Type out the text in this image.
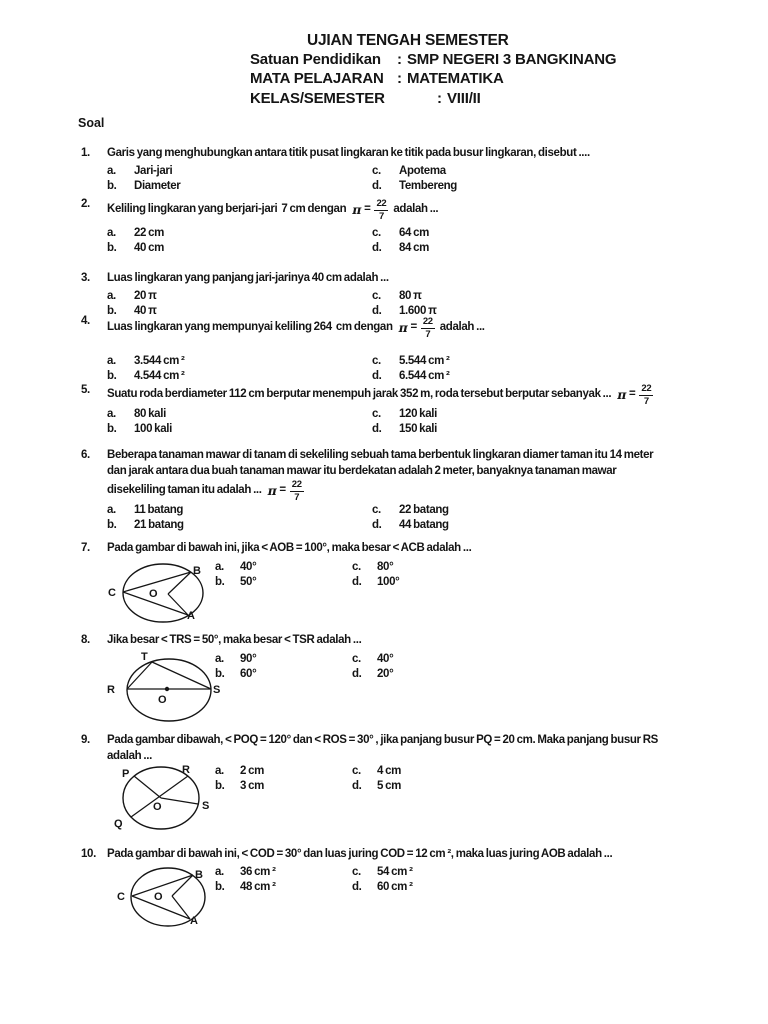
UJIAN TENGAH SEMESTER
Satuan Pendidikan	: SMP NEGERI 3 BANGKINANG
MATA PELAJARAN : MATEMATIKA
KELAS/SEMESTER	: VIII/II
Soal
1.	Garis yang menghubungkan antara titik pusat lingkaran ke titik pada busur lingkaran, disebut ....

a.	Jari-jari	c.	Apotema
b.	Diameter	d.	Tembereng
2.	Keliling lingkaran yang berjari-jari  7 cm dengan $\pi = \frac{22}{7}$ adalah ...

a.	22 cm	c.	64 cm
b.	40 cm	d.	84 cm
3.	Luas lingkaran yang panjang jari-jarinya 40 cm adalah ...

a.	20 π	c.	80 π
b.	40 π	d.	1.600 π
4.

Luas lingkaran yang mempunyai keliling 264  cm dengan $\pi = \frac{22}{7}$ adalah ...

a.	3.544 cm ²	c.	5.544 cm ²
b.	4.544 cm ²	d.	6.544 cm ²
5.	Suatu roda berdiameter 112 cm berputar menempuh jarak 352 m, roda tersebut berputar sebanyak ... $\pi = \frac{22}{7}$

a.	80 kali	c.	120 kali
b.	100 kali	d.	150 kali
6.	Beberapa tanaman mawar di tanam di sekeliling sebuah tama berbentuk lingkaran diamer taman itu 14 meter

dan jarak antara dua buah tanaman mawar itu berdekatan adalah 2 meter, banyaknya tanaman mawar

disekeliling taman itu adalah ... $\pi = \frac{22}{7}$

a.	11 batang	c.	22 batang
b.	21 batang	d.	44 batang
7.	Pada gambar di bawah ini, jika < AOB = 100°, maka besar < ACB adalah ...

a.	40°	c.	80°
b.	50°	d.	100°
B
C	O
A
8.	Jika besar < TRS = 50°, maka besar < TSR adalah ...

a.	90°	c.	40°
b.	60°	d.	20°
T
R	S
O
9.	Pada gambar dibawah, < POQ = 120° dan < ROS = 30° , jika panjang busur PQ = 20 cm. Maka panjang busur RS

adalah ...

a.	2 cm	c.	4 cm
b.	3 cm	d.	5 cm
P	R
O	S
Q
10. Pada gambar di bawah ini, < COD = 30° dan luas juring COD = 12 cm ², maka luas juring AOB adalah ...

a.	36 cm ²	c.	54 cm ²
b.	48 cm ²	d.	60 cm ²
B
C	O
A
